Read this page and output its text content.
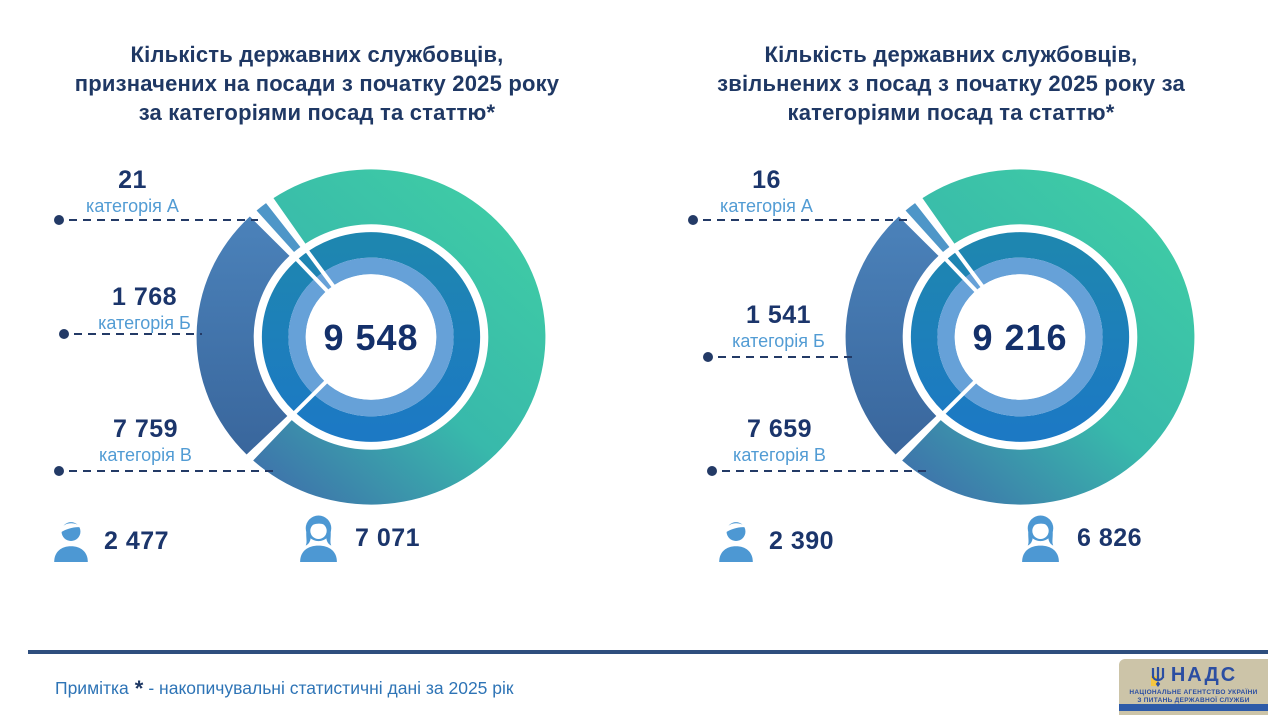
Кількість державних службовців,
призначених на посади з початку 2025 року
за категоріями посад та статтю*
9 548
21
категорія А
1 768
категорія Б
7 759
категорія В
2 477	7 071
Кількість державних службовців,
звільнених з посад з початку 2025 року за
категоріями посад та статтю*
9 216
16
категорія А
1 541
категорія Б
7 659
категорія В
2 390	6 826
Примітка * - накопичувальні статистичні дані за 2025 рік
НАДС
НАЦІОНАЛЬНЕ АГЕНТСТВО УКРАЇНИ
З ПИТАНЬ ДЕРЖАВНОЇ СЛУЖБИ
